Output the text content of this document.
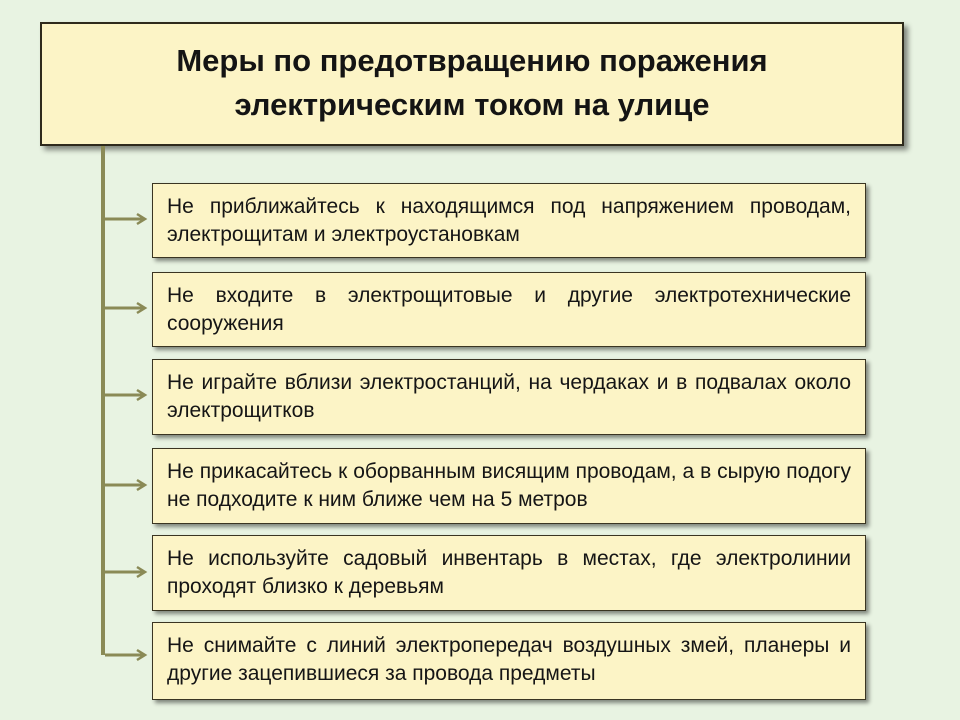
Меры по предотвращению поражения электрическим током на улице
Не приближайтесь к находящимся под напряжением проводам, электрощитам и электроустановкам
Не входите в электрощитовые и другие электротехнические сооружения
Не играйте вблизи электростанций, на чердаках и в подвалах около электрощитков
Не прикасайтесь к оборванным висящим проводам, а в сырую подогу не подходите к ним ближе чем на 5 метров
Не используйте садовый инвентарь в местах, где электролинии проходят близко к деревьям
Не снимайте с линий электропередач воздушных змей, планеры и другие зацепившиеся за провода предметы
